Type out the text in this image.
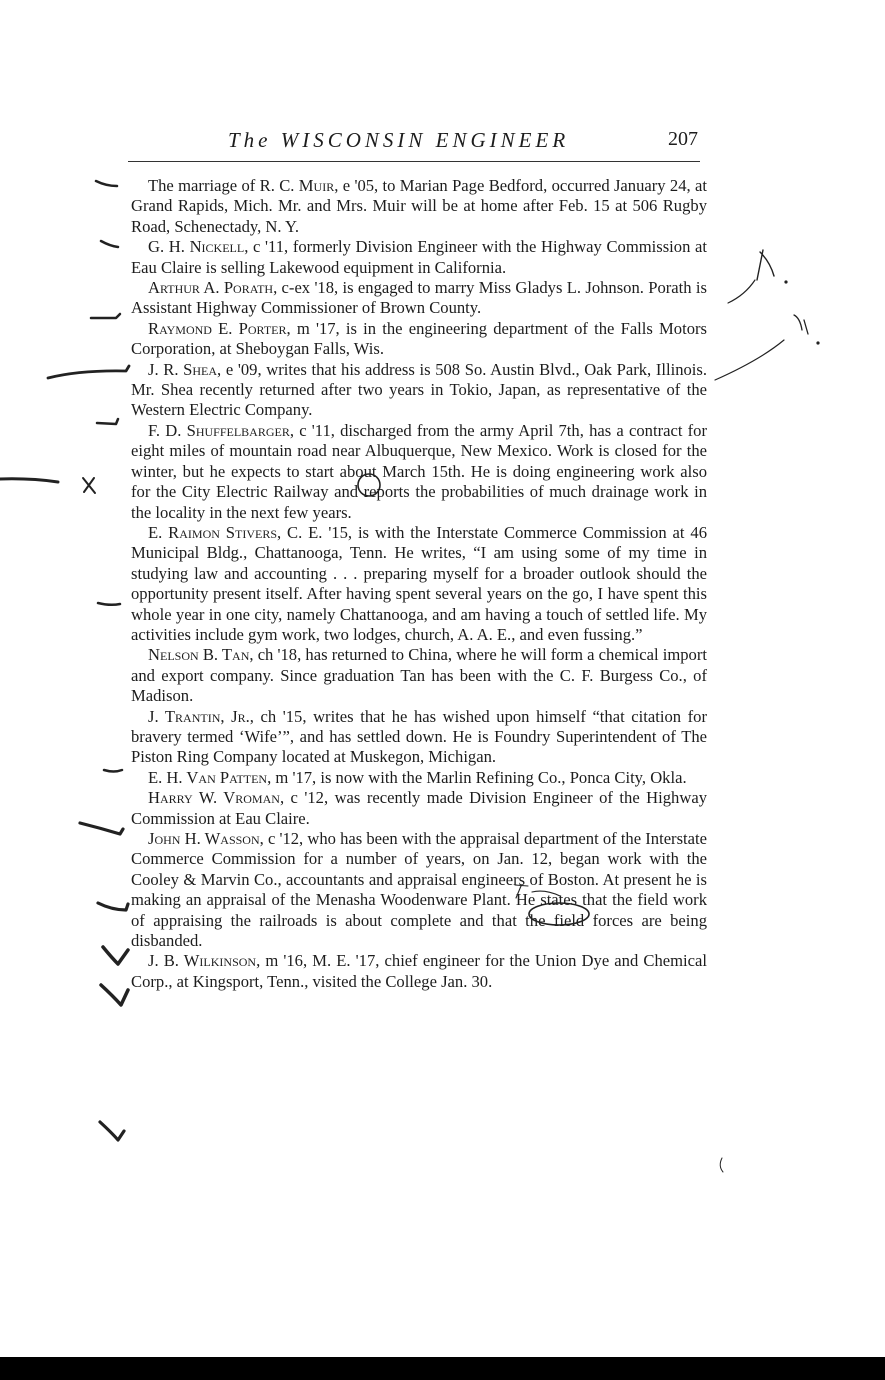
The WISCONSIN ENGINEER	207

The marriage of R. C. Muir, e '05, to Marian Page Bedford, occurred January 24, at Grand Rapids, Mich. Mr. and Mrs. Muir will be at home after Feb. 15 at 506 Rugby Road, Schenectady, N. Y.

G. H. Nickell, c '11, formerly Division Engineer with the Highway Commission at Eau Claire is selling Lakewood equipment in California.

Arthur A. Porath, c-ex '18, is engaged to marry Miss Gladys L. Johnson. Porath is Assistant Highway Commissioner of Brown County.

Raymond E. Porter, m '17, is in the engineering department of the Falls Motors Corporation, at Sheboygan Falls, Wis.

J. R. Shea, e '09, writes that his address is 508 So. Austin Blvd., Oak Park, Illinois. Mr. Shea recently returned after two years in Tokio, Japan, as representative of the Western Electric Company.

F. D. Shuffelbarger, c '11, discharged from the army April 7th, has a contract for eight miles of mountain road near Albuquerque, New Mexico. Work is closed for the winter, but he expects to start about March 15th. He is doing engineering work also for the City Electric Railway and reports the probabilities of much drainage work in the locality in the next few years.

E. Raimon Stivers, C. E. '15, is with the Interstate Commerce Commission at 46 Municipal Bldg., Chattanooga, Tenn. He writes, “I am using some of my time in studying law and accounting . . . preparing myself for a broader outlook should the opportunity present itself. After having spent several years on the go, I have spent this whole year in one city, namely Chattanooga, and am having a touch of settled life. My activities include gym work, two lodges, church, A. A. E., and even fussing.”

Nelson B. Tan, ch '18, has returned to China, where he will form a chemical import and export company. Since graduation Tan has been with the C. F. Burgess Co., of Madison.

J. Trantin, Jr., ch '15, writes that he has wished upon himself “that citation for bravery termed ‘Wife’”, and has settled down. He is Foundry Superintendent of The Piston Ring Company located at Muskegon, Michigan.

E. H. Van Patten, m '17, is now with the Marlin Refining Co., Ponca City, Okla.

Harry W. Vroman, c '12, was recently made Division Engineer of the Highway Commission at Eau Claire.

John H. Wasson, c '12, who has been with the appraisal department of the Interstate Commerce Commission for a number of years, on Jan. 12, began work with the Cooley & Marvin Co., accountants and appraisal engineers of Boston. At present he is making an appraisal of the Menasha Woodenware Plant. He states that the field work of appraising the railroads is about complete and that the field forces are being disbanded.

J. B. Wilkinson, m '16, M. E. '17, chief engineer for the Union Dye and Chemical Corp., at Kingsport, Tenn., visited the College Jan. 30.
